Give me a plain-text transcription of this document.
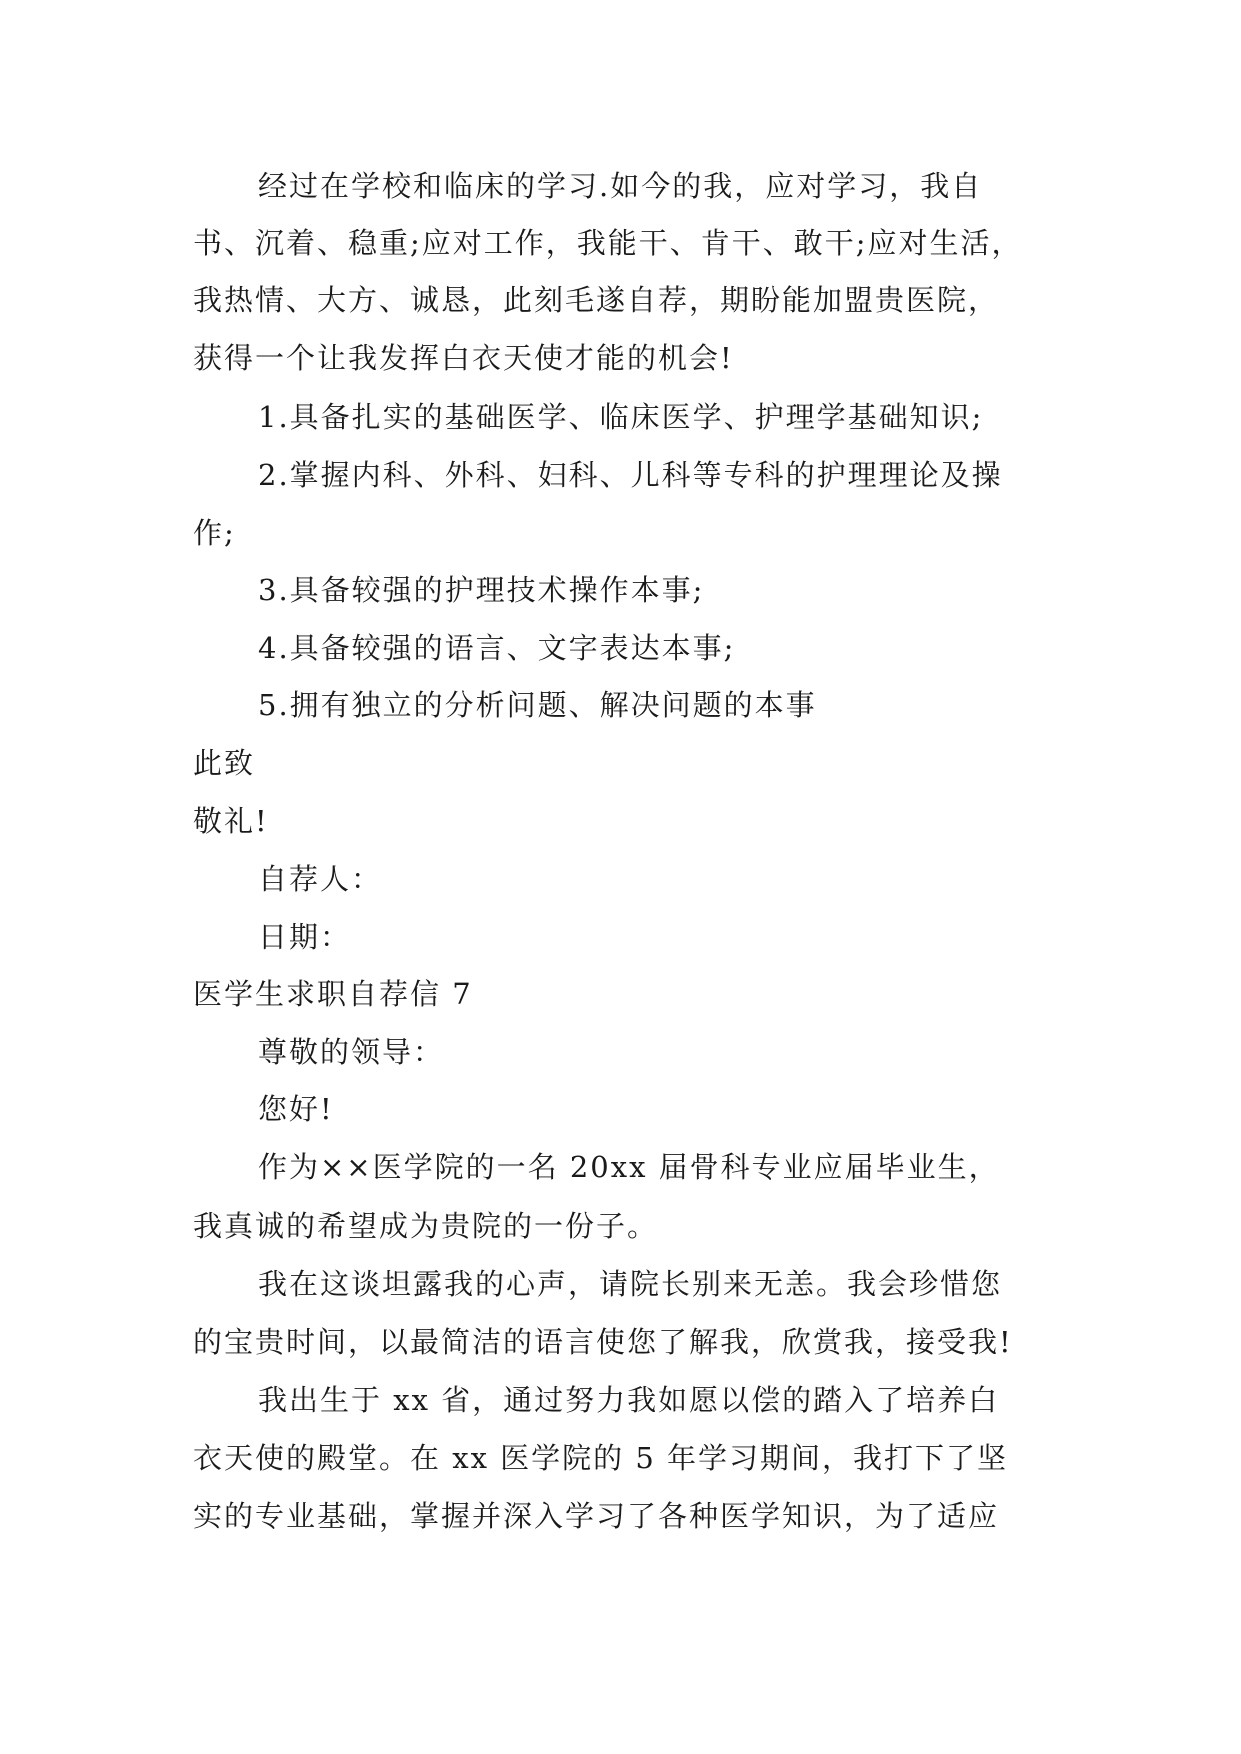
经过在学校和临床的学习.如今的我，应对学习，我自
书、沉着、稳重;应对工作，我能干、肯干、敢干;应对生活，
我热情、大方、诚恳，此刻毛遂自荐，期盼能加盟贵医院，
获得一个让我发挥白衣天使才能的机会!
1.具备扎实的基础医学、临床医学、护理学基础知识;
2.掌握内科、外科、妇科、儿科等专科的护理理论及操
作;
3.具备较强的护理技术操作本事;
4.具备较强的语言、文字表达本事;
5.拥有独立的分析问题、解决问题的本事
此致
敬礼!
自荐人：
日期：
医学生求职自荐信 7
尊敬的领导：
您好!
作为××医学院的一名 20xx 届骨科专业应届毕业生，
我真诚的希望成为贵院的一份子。
我在这谈坦露我的心声，请院长别来无恙。我会珍惜您
的宝贵时间，以最简洁的语言使您了解我，欣赏我，接受我!
我出生于 xx 省，通过努力我如愿以偿的踏入了培养白
衣天使的殿堂。在 xx 医学院的 5 年学习期间，我打下了坚
实的专业基础，掌握并深入学习了各种医学知识，为了适应
